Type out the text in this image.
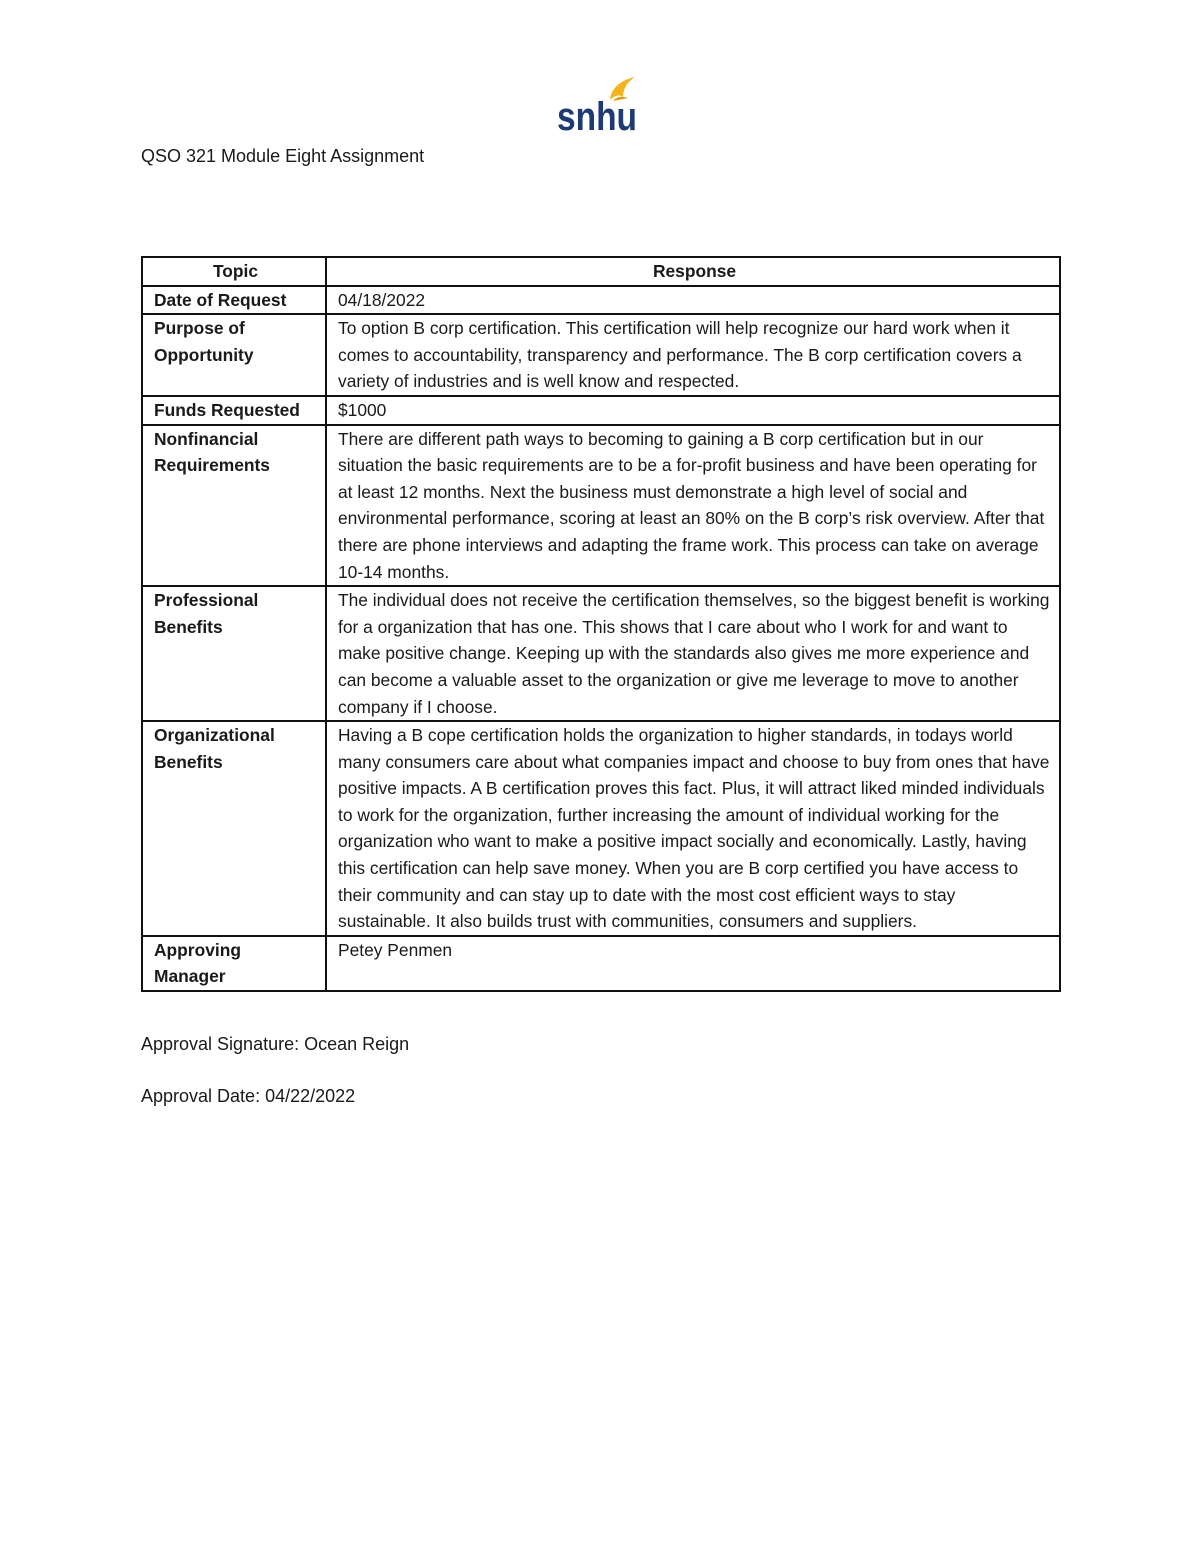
snhu
QSO 321 Module Eight Assignment
Topic	Response
Date of Request	04/18/2022
Purpose of Opportunity	To option B corp certification. This certification will help recognize our hard work when it comes to accountability, transparency and performance. The B corp certification covers a variety of industries and is well know and respected.
Funds Requested	$1000
Nonfinancial Requirements	There are different path ways to becoming to gaining a B corp certification but in our situation the basic requirements are to be a for-profit business and have been operating for at least 12 months. Next the business must demonstrate a high level of social and environmental performance, scoring at least an 80% on the B corp’s risk overview. After that there are phone interviews and adapting the frame work. This process can take on average 10-14 months.
Professional Benefits	The individual does not receive the certification themselves, so the biggest benefit is working for a organization that has one. This shows that I care about who I work for and want to make positive change. Keeping up with the standards also gives me more experience and can become a valuable asset to the organization or give me leverage to move to another company if I choose.
Organizational Benefits	Having a B cope certification holds the organization to higher standards, in todays world many consumers care about what companies impact and choose to buy from ones that have positive impacts. A B certification proves this fact. Plus, it will attract liked minded individuals to work for the organization, further increasing the amount of individual working for the organization who want to make a positive impact socially and economically. Lastly, having this certification can help save money. When you are B corp certified you have access to their community and can stay up to date with the most cost efficient ways to stay sustainable. It also builds trust with communities, consumers and suppliers.
Approving Manager	Petey Penmen
Approval Signature: Ocean Reign
Approval Date: 04/22/2022
